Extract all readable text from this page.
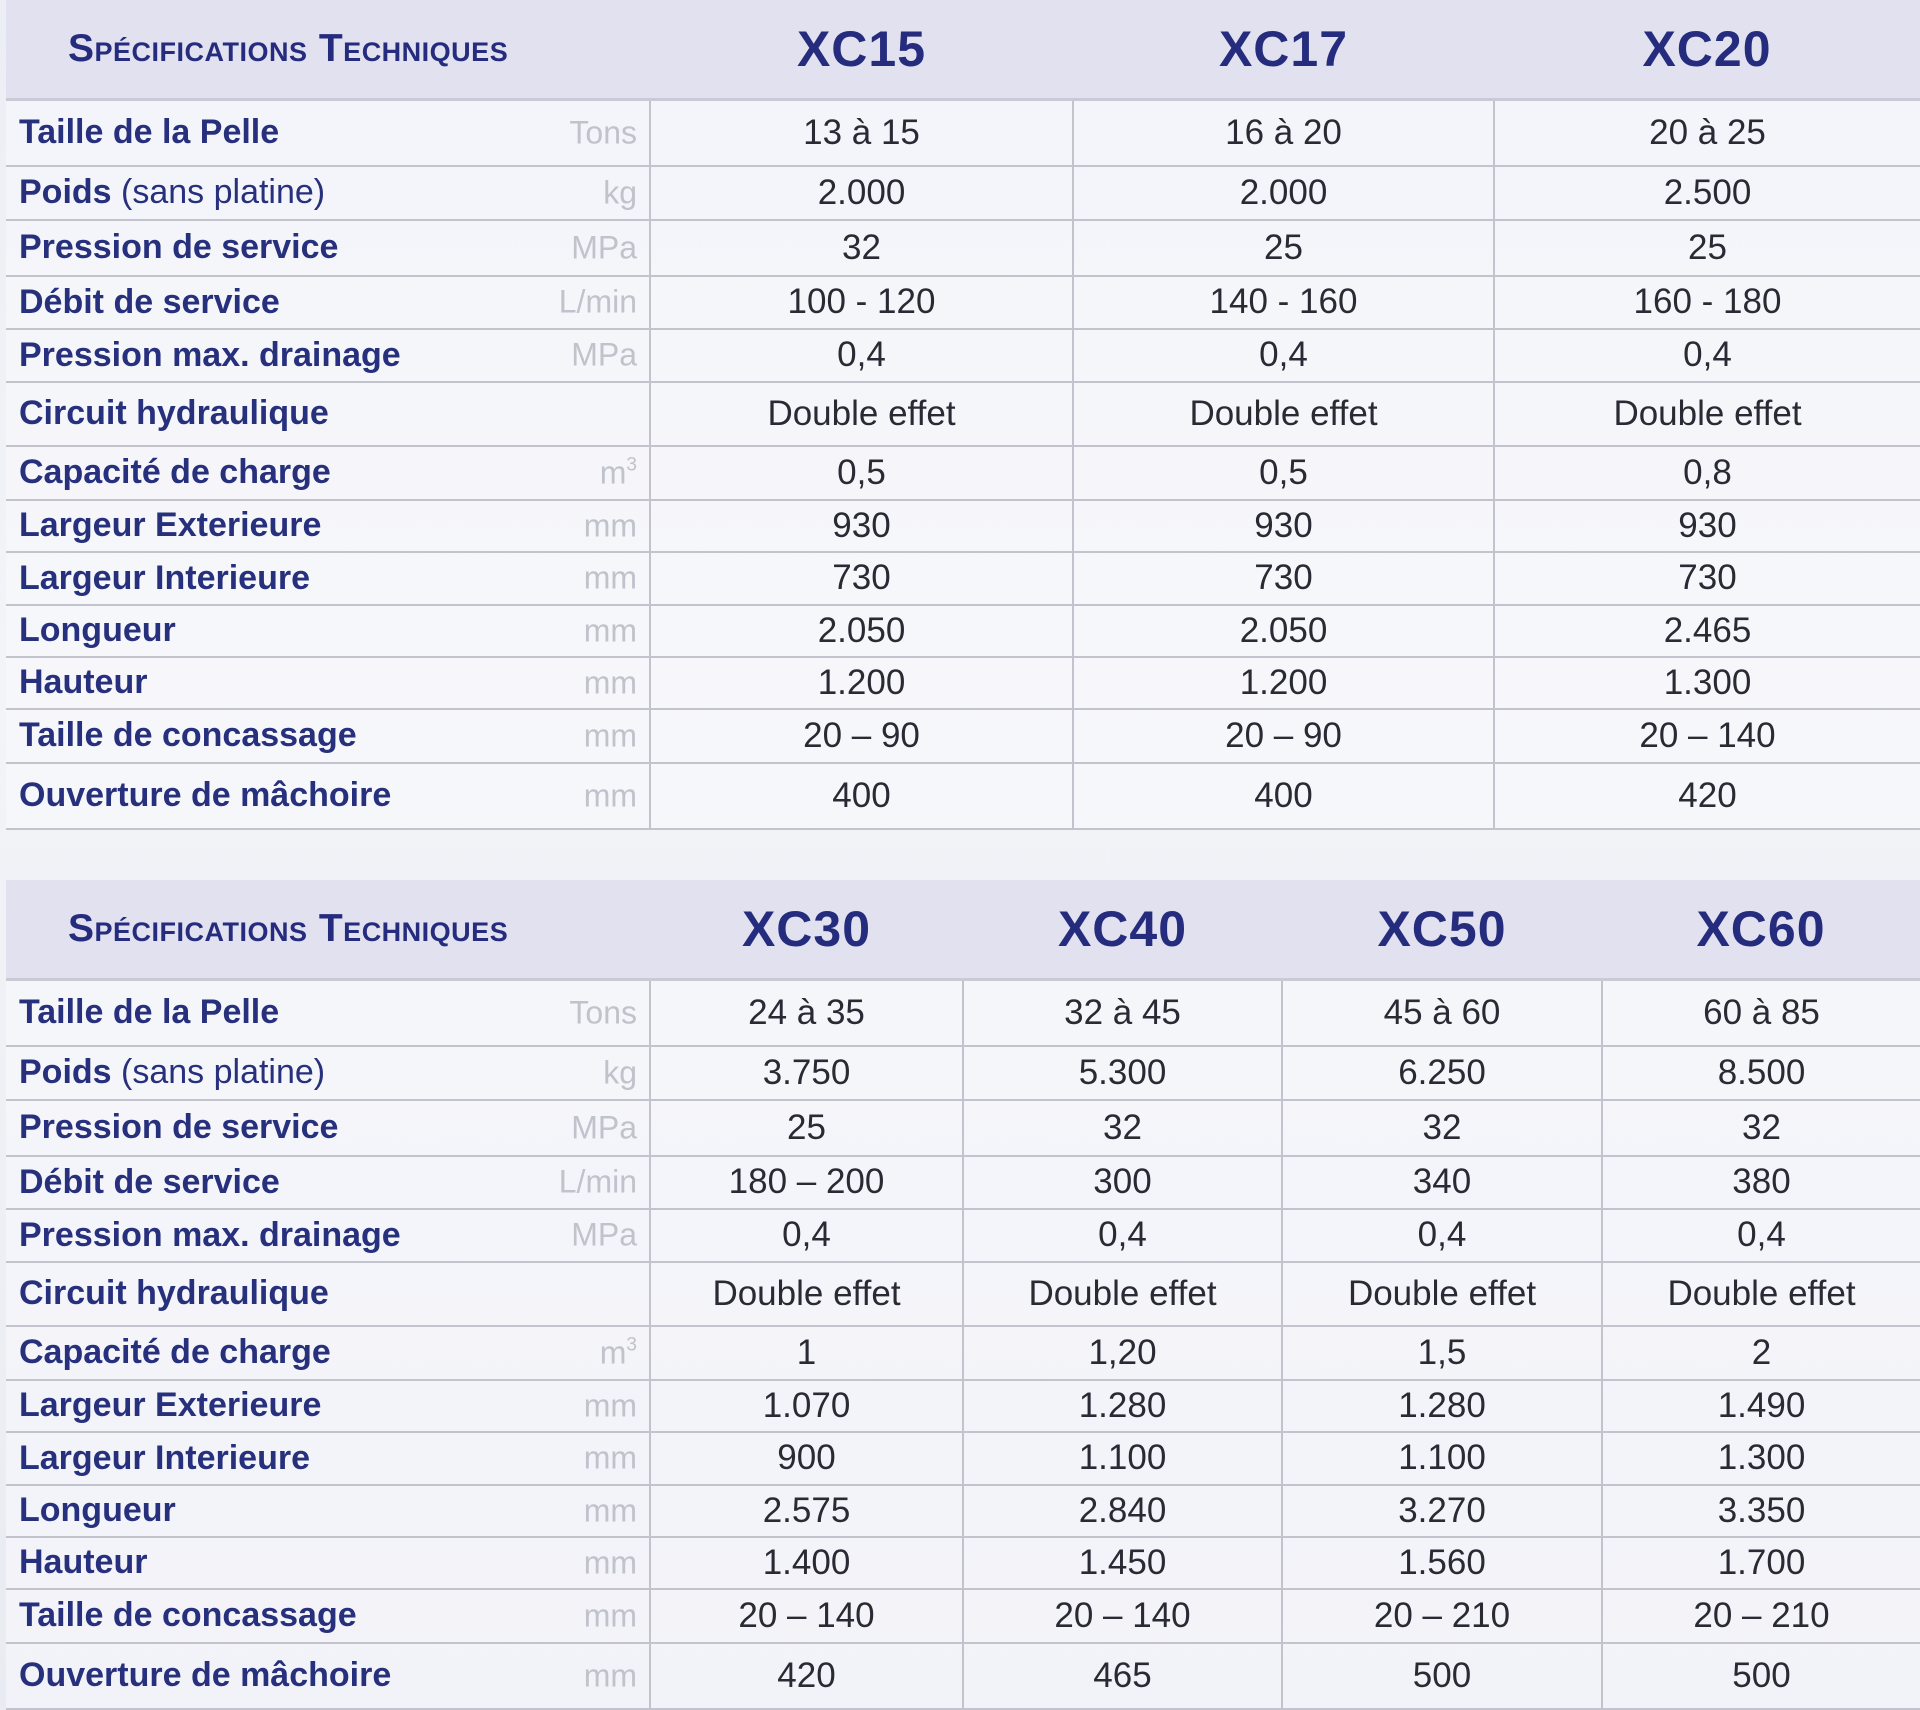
Spécifications Techniques	XC15	XC17	XC20
Taille de la Pelle Tons	13 à 15	16 à 20	20 à 25
Poids (sans platine) kg	2.000	2.000	2.500
Pression de service MPa	32	25	25
Débit de service L/min	100 - 120	140 - 160	160 - 180
Pression max. drainage MPa	0,4	0,4	0,4
Circuit hydraulique	Double effet	Double effet	Double effet
Capacité de charge $m^3$	0,5	0,5	0,8
Largeur Exterieure mm	930	930	930
Largeur Interieure mm	730	730	730
Longueur mm	2.050	2.050	2.465
Hauteur mm	1.200	1.200	1.300
Taille de concassage mm	20 – 90	20 – 90	20 – 140
Ouverture de mâchoire mm	400	400	420
Spécifications Techniques	XC30	XC40	XC50	XC60
Taille de la Pelle Tons	24 à 35	32 à 45	45 à 60	60 à 85
Poids (sans platine) kg	3.750	5.300	6.250	8.500
Pression de service MPa	25	32	32	32
Débit de service L/min	180 – 200	300	340	380
Pression max. drainage MPa	0,4	0,4	0,4	0,4
Circuit hydraulique	Double effet	Double effet	Double effet	Double effet
Capacité de charge $m^3$	1	1,20	1,5	2
Largeur Exterieure mm	1.070	1.280	1.280	1.490
Largeur Interieure mm	900	1.100	1.100	1.300
Longueur mm	2.575	2.840	3.270	3.350
Hauteur mm	1.400	1.450	1.560	1.700
Taille de concassage mm	20 – 140	20 – 140	20 – 210	20 – 210
Ouverture de mâchoire mm	420	465	500	500
